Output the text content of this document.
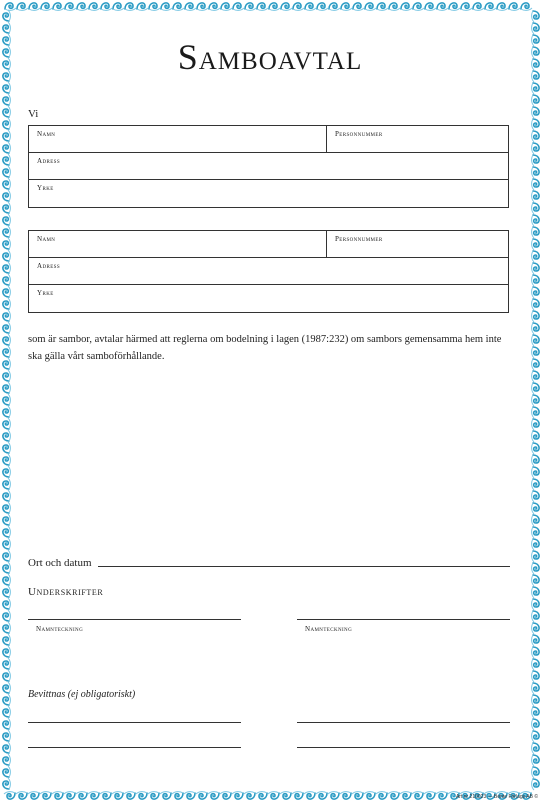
Samboavtal
Vi
Namn	Personnummer
Adress
Yrke
Namn	Personnummer
Adress
Yrke
som är sambor, avtalar härmed att reglerna om bodelning i lagen (1987:232) om sambors gemensamma hem inte ska gälla vårt samboförhållande.
Ort och datum
Underskrifter
Namnteckning	Namnteckning
Bevittnas (ej obligatoriskt)
Art nr 210023 — Bente Förlags AB ©
